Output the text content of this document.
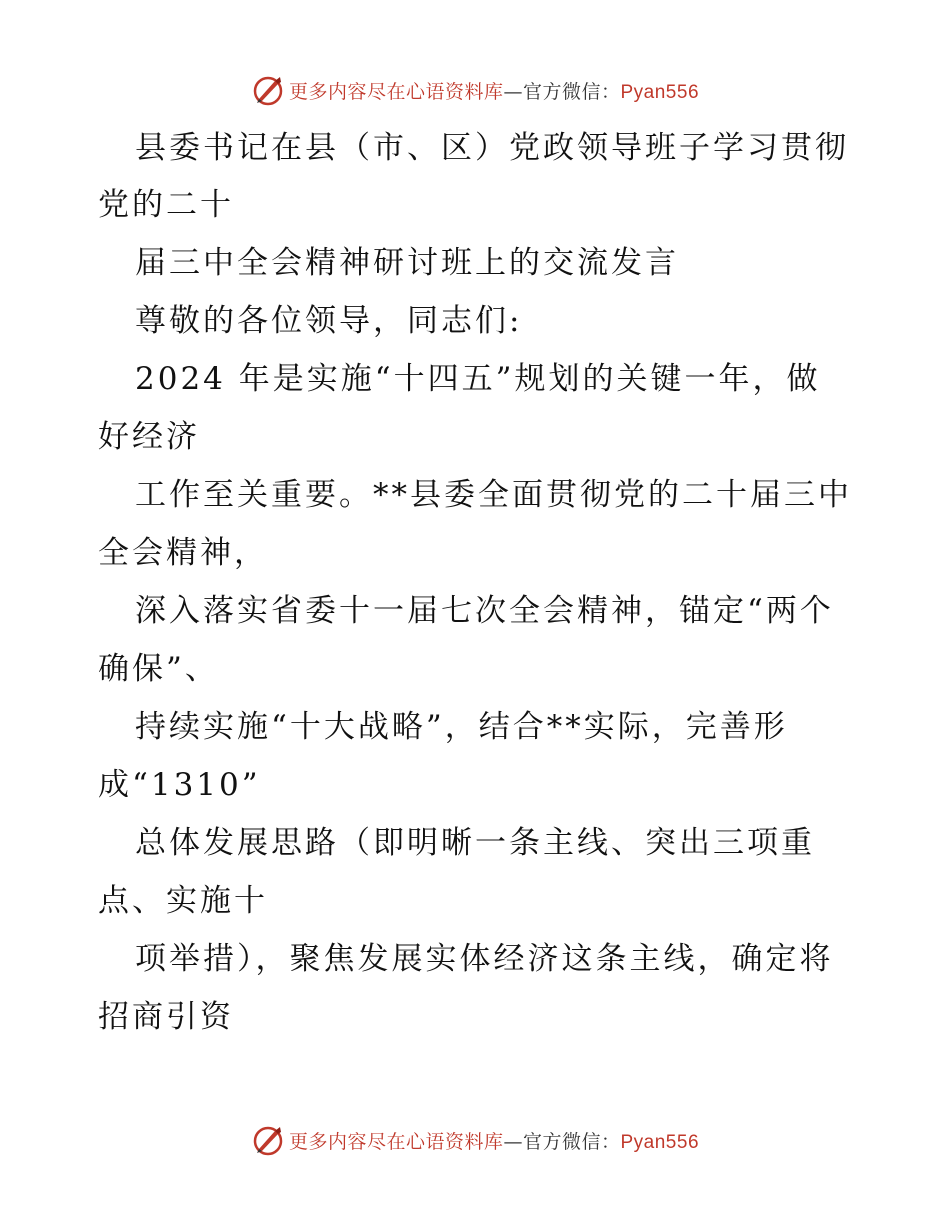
更多内容尽在心语资料库—官方微信：Pyan556
县委书记在县（市、区）党政领导班子学习贯彻
党的二十
届三中全会精神研讨班上的交流发言
尊敬的各位领导，同志们:
2024 年是实施“十四五”规划的关键一年，做
好经济
工作至关重要。**县委全面贯彻党的二十届三中
全会精神，
深入落实省委十一届七次全会精神，锚定“两个
确保”、
持续实施“十大战略”，结合**实际，完善形
成“1310”
总体发展思路（即明晰一条主线、突出三项重
点、实施十
项举措），聚焦发展实体经济这条主线，确定将
招商引资
更多内容尽在心语资料库—官方微信：Pyan556
